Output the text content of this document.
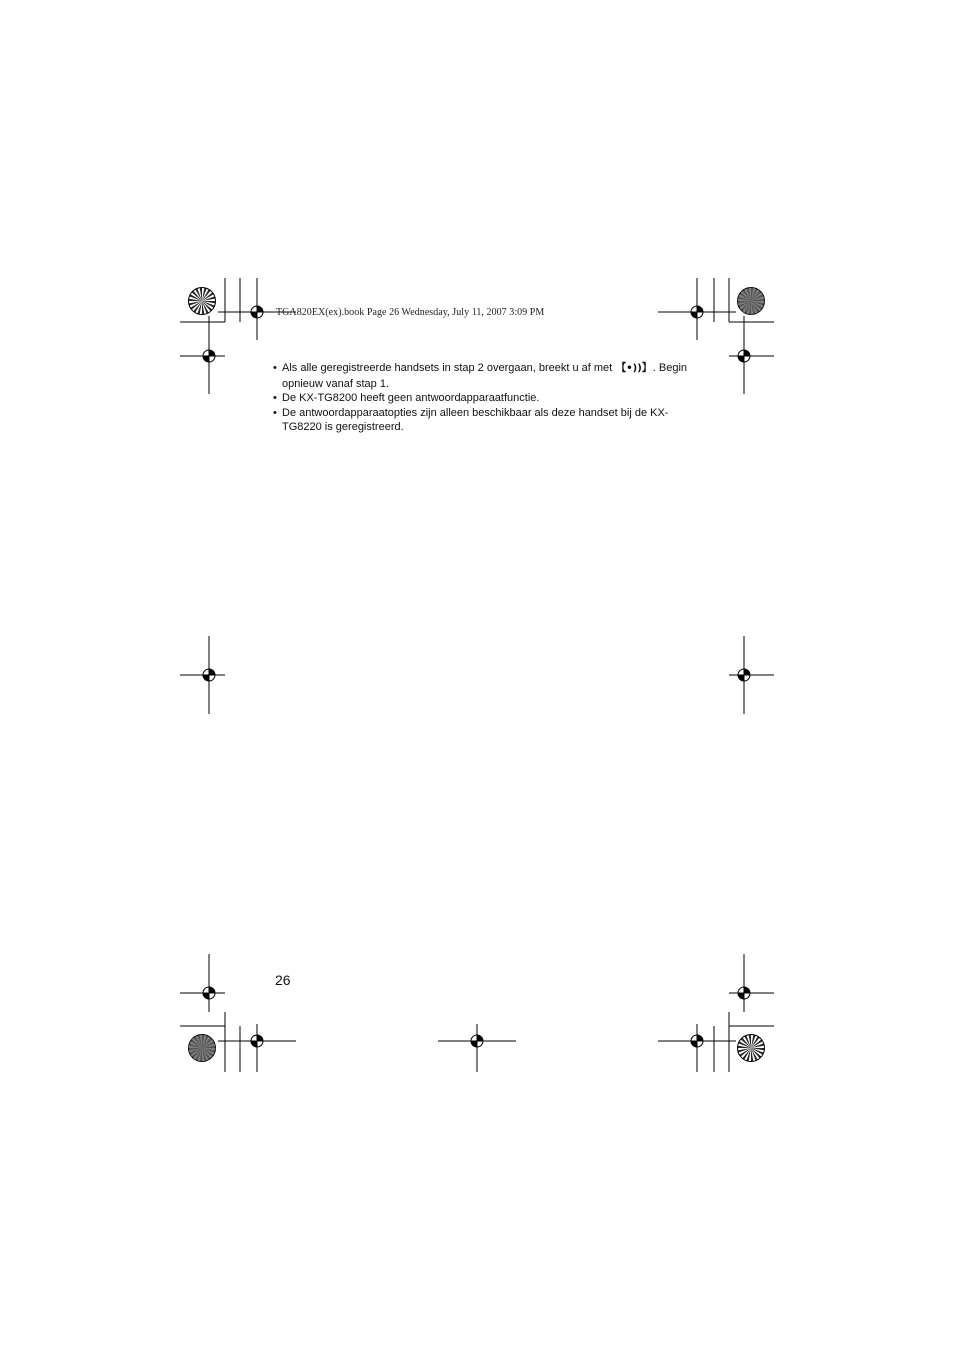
TGA820EX(ex).book Page 26 Wednesday, July 11, 2007 3:09 PM
• Als alle geregistreerde handsets in stap 2 overgaan, breekt u af met 【•))】. Begin opnieuw vanaf stap 1.
• De KX-TG8200 heeft geen antwoordapparaatfunctie.
• De antwoordapparaatopties zijn alleen beschikbaar als deze handset bij de KX-TG8220 is geregistreerd.
26
